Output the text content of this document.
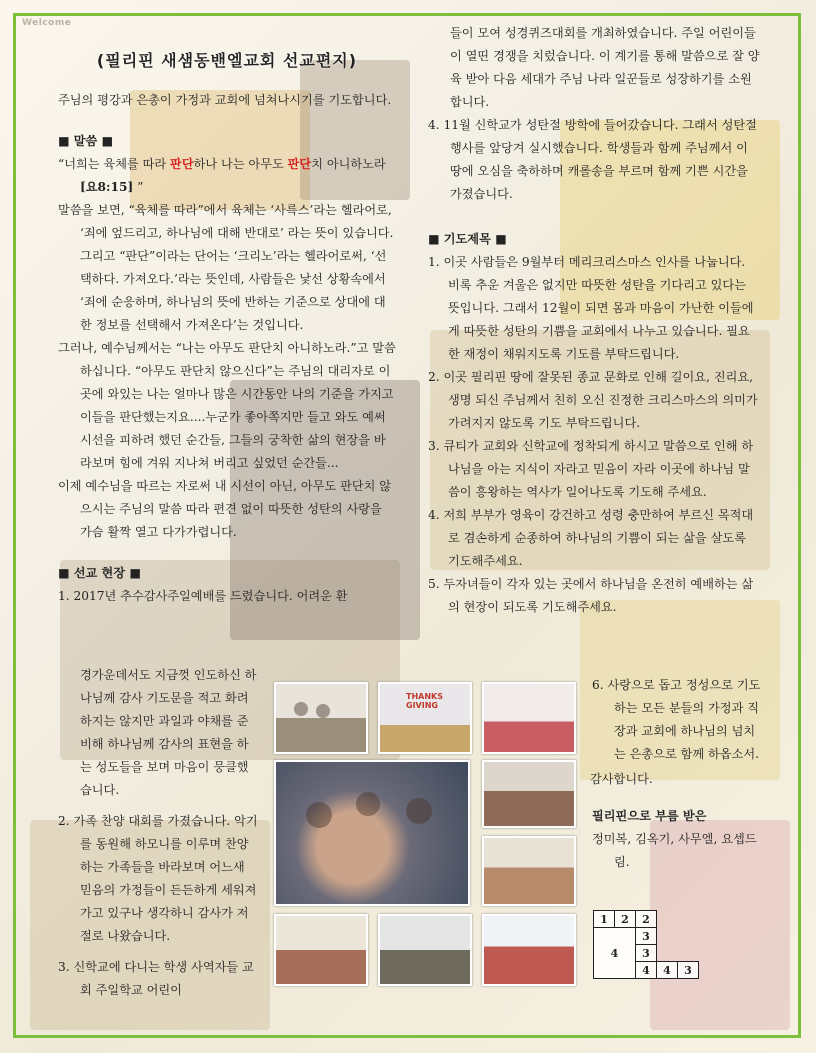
Welcome
(필리핀 새샘동밴엘교회 선교편지)

주님의 평강과 은총이 가정과 교회에 넘쳐나시기를 기도합니다.

■ 말씀 ■

“너희는 육체를 따라 판단하나 나는 아무도 판단치 아니하노라 [요8:15] ”

말씀을 보면, “육체를 따라”에서 육체는 ‘사륵스’라는 헬라어로, ‘죄에 엎드리고, 하나님에 대해 반대로’ 라는 뜻이 있습니다. 그리고 “판단”이라는 단어는 ‘크리노’라는 헬라어로써, ‘선택하다. 가져오다.’라는 뜻인데, 사람들은 낯선 상황속에서 ‘죄에 순응하며, 하나님의 뜻에 반하는 기준으로 상대에 대한 정보를 선택해서 가져온다’는 것입니다.

그러나, 예수님께서는 “나는 아무도 판단치 아니하노라.”고 말씀하십니다. “아무도 판단치 않으신다”는 주님의 대리자로 이곳에 와있는 나는 얼마나 많은 시간동안 나의 기준을 가지고 이들을 판단했는지요....누군가 좋아쪽지만 들고 와도 예써 시선을 피하려 했던 순간들, 그들의 궁착한 삶의 현장을 바라보며 힘에 겨워 지나쳐 버리고 싶었던 순간들...

이제 예수님을 따르는 자로써 내 시선이 아닌, 아무도 판단치 않으시는 주님의 말씀 따라 편견 없이 따뜻한 성탄의 사랑을 가슴 활짝 열고 다가가렵니다.

■ 선교 현장 ■

1. 2017년 추수감사주일예배를 드렸습니다. 어려운 환

경가운데서도 지금껏 인도하신 하나님께 감사 기도문을 적고 화려하지는 않지만 과일과 야채를 준비해 하나님께 감사의 표현을 하는 성도들을 보며 마음이 뭉클했습니다.

2. 가족 찬양 대회를 가졌습니다. 악기를 동원해 하모니를 이루며 찬양하는 가족들을 바라보며 어느새 믿음의 가정들이 든든하게 세워져 가고 있구나 생각하니 감사가 저절로 나왔습니다.

3. 신학교에 다니는 학생 사역자들 교회 주일학교 어린이

들이 모여 성경퀴즈대회를 개최하였습니다. 주일 어린이들이 열띤 경쟁을 치렀습니다. 이 계기를 통해 말씀으로 잘 양육 받아 다음 세대가 주님 나라 일꾼들로 성장하기를 소원합니다.

4. 11월 신학교가 성탄절 방학에 들어갔습니다. 그래서 성탄절 행사를 앞당겨 실시했습니다. 학생들과 함께 주님께서 이 땅에 오심을 축하하며 캐롤송을 부르며 함께 기쁜 시간을 가졌습니다.

■ 기도제목 ■

1. 이곳 사람들은 9월부터 메리크리스마스 인사를 나눕니다. 비록 추운 겨울은 없지만 따뜻한 성탄을 기다리고 있다는 뜻입니다. 그래서 12월이 되면 몸과 마음이 가난한 이들에게 따뜻한 성탄의 기쁨을 교회에서 나누고 있습니다. 필요한 재정이 채워지도록 기도를 부탁드립니다.
2. 이곳 필리핀 땅에 잘못된 종교 문화로 인해 길이요, 진리요, 생명 되신 주님께서 친히 오신 진정한 크리스마스의 의미가 가려지지 않도록 기도 부탁드립니다.
3. 큐티가 교회와 신학교에 정착되게 하시고 말씀으로 인해 하나님을 아는 지식이 자라고 믿음이 자라 이곳에 하나님 말씀이 흥왕하는 역사가 일어나도록 기도해 주세요.
4. 저희 부부가 영육이 강건하고 성령 충만하여 부르신 목적대로 겸손하게 순종하여 하나님의 기쁨이 되는 삶을 살도록 기도해주세요.
5. 두자녀들이 각자 있는 곳에서 하나님을 온전히 예배하는 삶의 현장이 되도록 기도해주세요.

6. 사랑으로 돕고 정성으로 기도하는 모든 분들의 가정과 직장과 교회에 하나님의 넘치는 은총으로 함께 하옵소서.

감사합니다.

필리핀으로 부름 받은

정미복, 김옥기, 사무엘, 요셉드림.

THANKS GIVING
1	2	2		
4		3		
		3		
		4	4	3
